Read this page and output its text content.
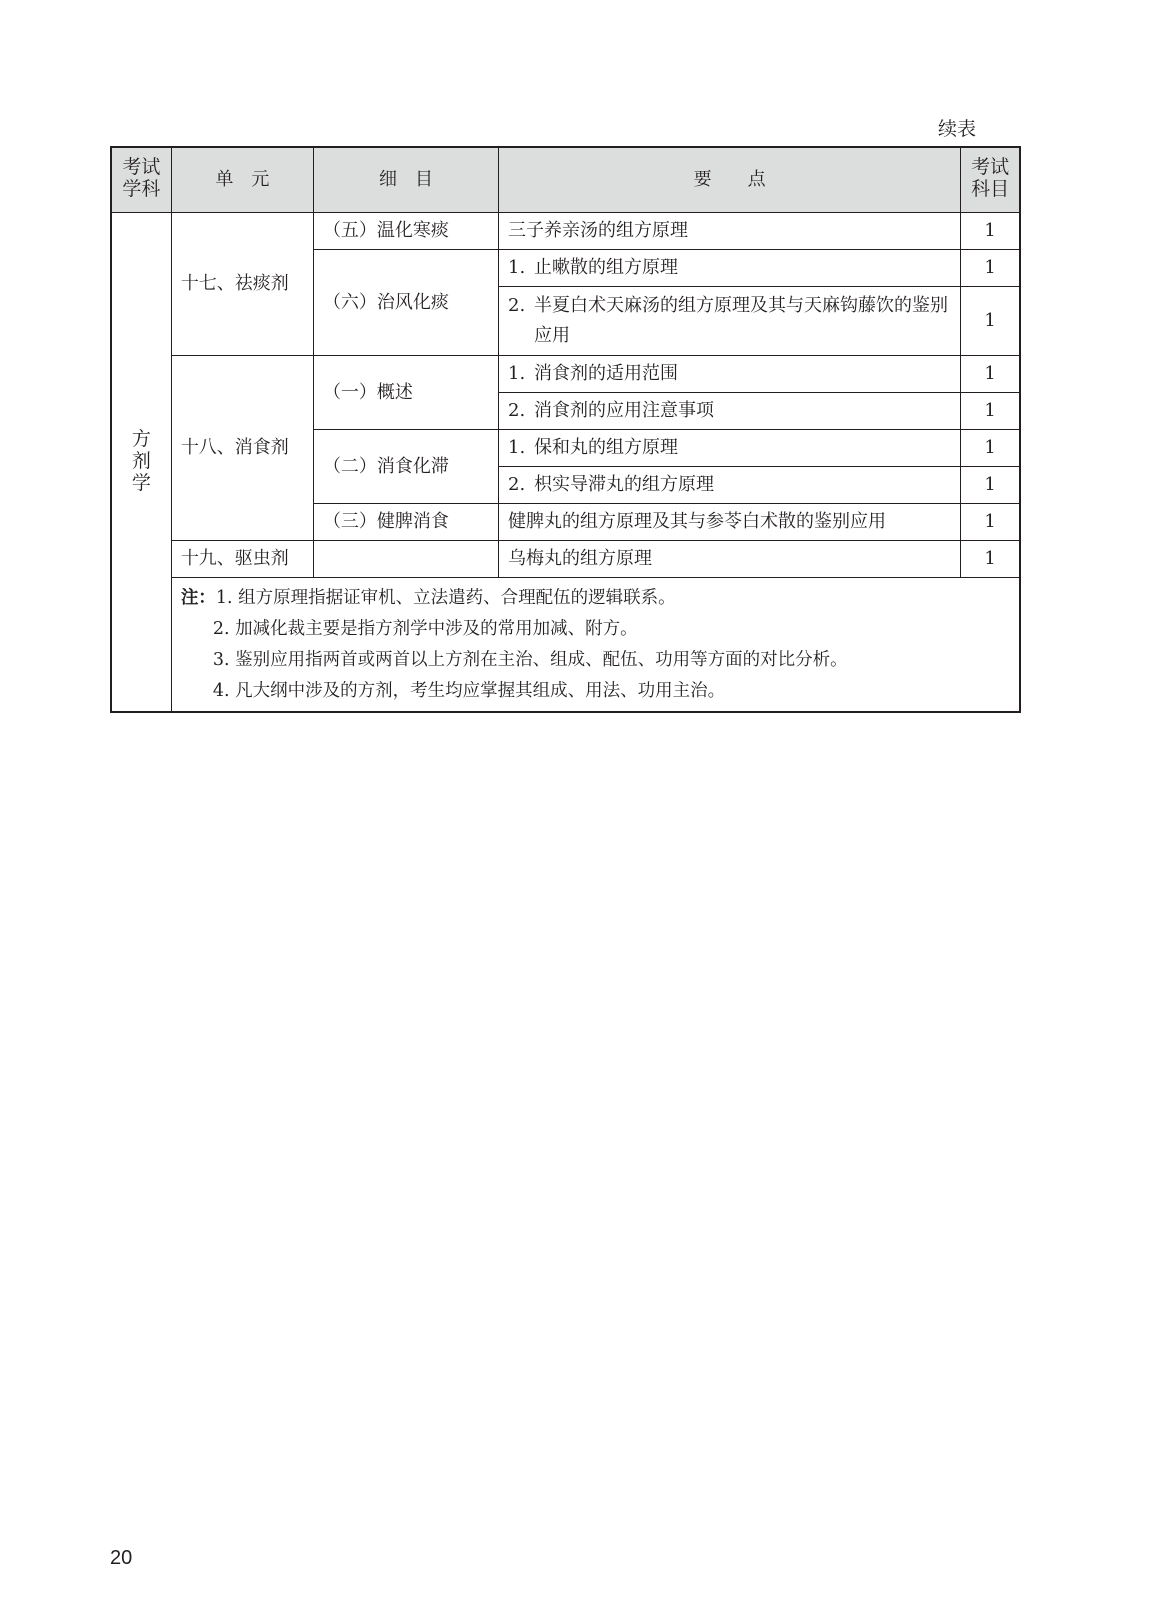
续表
考试学科	单　元	细　目	要　　点	考试科目
方剂学	十七、祛痰剂	（五）温化寒痰	三子养亲汤的组方原理	1
		（六）治风化痰	1. 止嗽散的组方原理	1

			2. 半夏白术天麻汤的组方原理及其与天麻钩藤饮的鉴别应用	1
	十八、消食剂	（一）概述	1. 消食剂的适用范围	1

			2. 消食剂的应用注意事项	1
		（二）消食化滞	1. 保和丸的组方原理	1

			2. 枳实导滞丸的组方原理	1
		（三）健脾消食	健脾丸的组方原理及其与参苓白术散的鉴别应用	1
	十九、驱虫剂		乌梅丸的组方原理	1

	注：1. 组方原理指据证审机、立法遣药、合理配伍的逻辑联系。
2. 加减化裁主要是指方剂学中涉及的常用加减、附方。
3. 鉴别应用指两首或两首以上方剂在主治、组成、配伍、功用等方面的对比分析。
4. 凡大纲中涉及的方剂，考生均应掌握其组成、用法、功用主治。			
20
